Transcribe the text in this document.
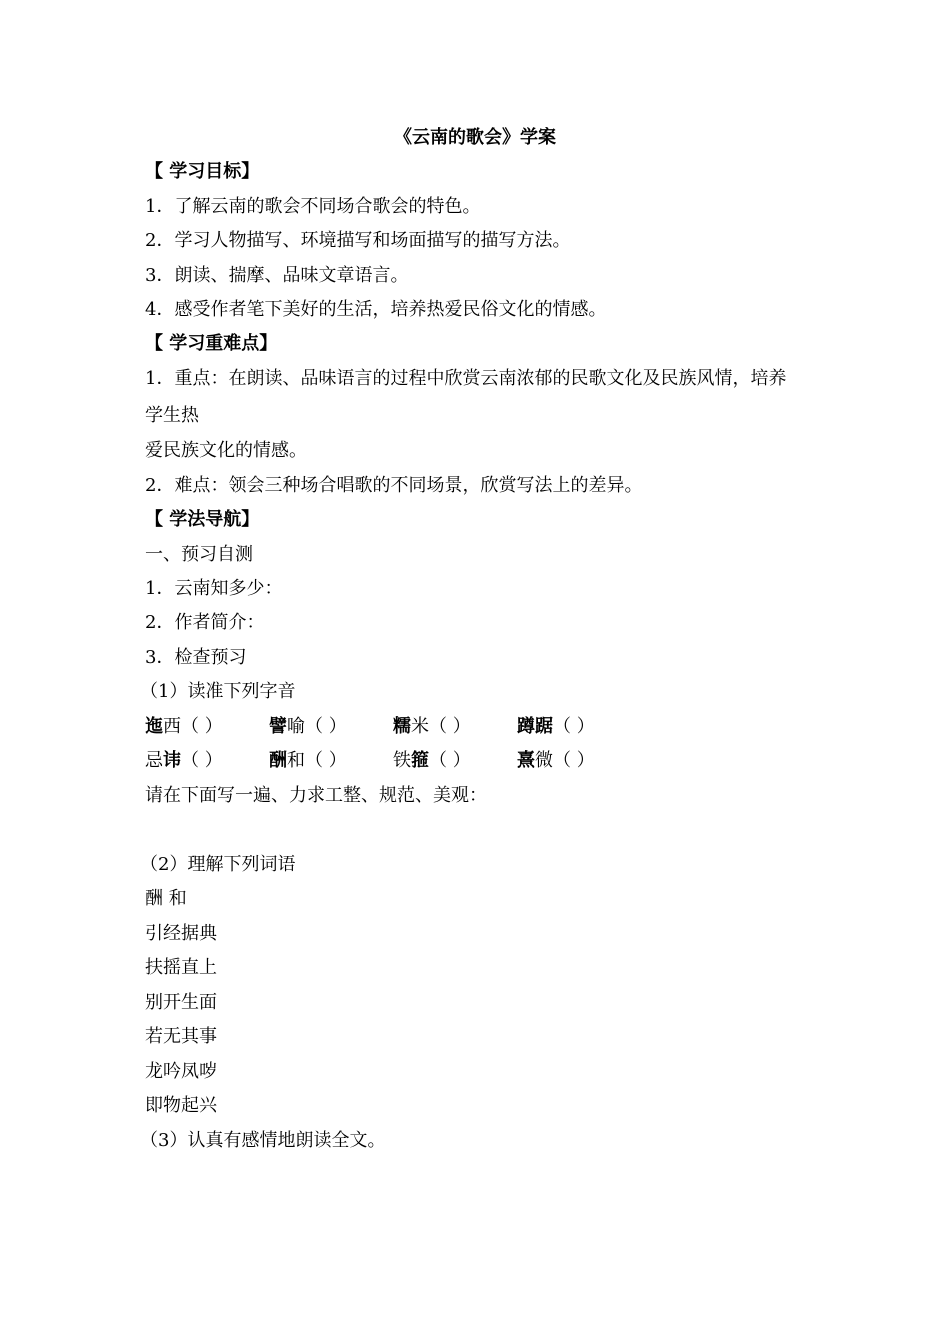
《云南的歌会》学案
【 学习目标】
1．了解云南的歌会不同场合歌会的特色。
2．学习人物描写、环境描写和场面描写的描写方法。
3．朗读、揣摩、品味文章语言。
4．感受作者笔下美好的生活，培养热爱民俗文化的情感。
【 学习重难点】
1．重点：在朗读、品味语言的过程中欣赏云南浓郁的民歌文化及民族风情，培养
学生热
爱民族文化的情感。
2．难点：领会三种场合唱歌的不同场景，欣赏写法上的差异。
【 学法导航】
一、预习自测
1．云南知多少：
2．作者简介：
3．检查预习
（1）读准下列字音
迤西（ ）	譬喻（ ）	糯米（ ）	蹲踞（ ）
忌讳（ ）	酬和（ ）	铁箍（ ）	熹微（ ）
请在下面写一遍、力求工整、规范、美观：
（2）理解下列词语
酬 和
引经据典
扶摇直上
别开生面
若无其事
龙吟凤哕
即物起兴
（3）认真有感情地朗读全文。
